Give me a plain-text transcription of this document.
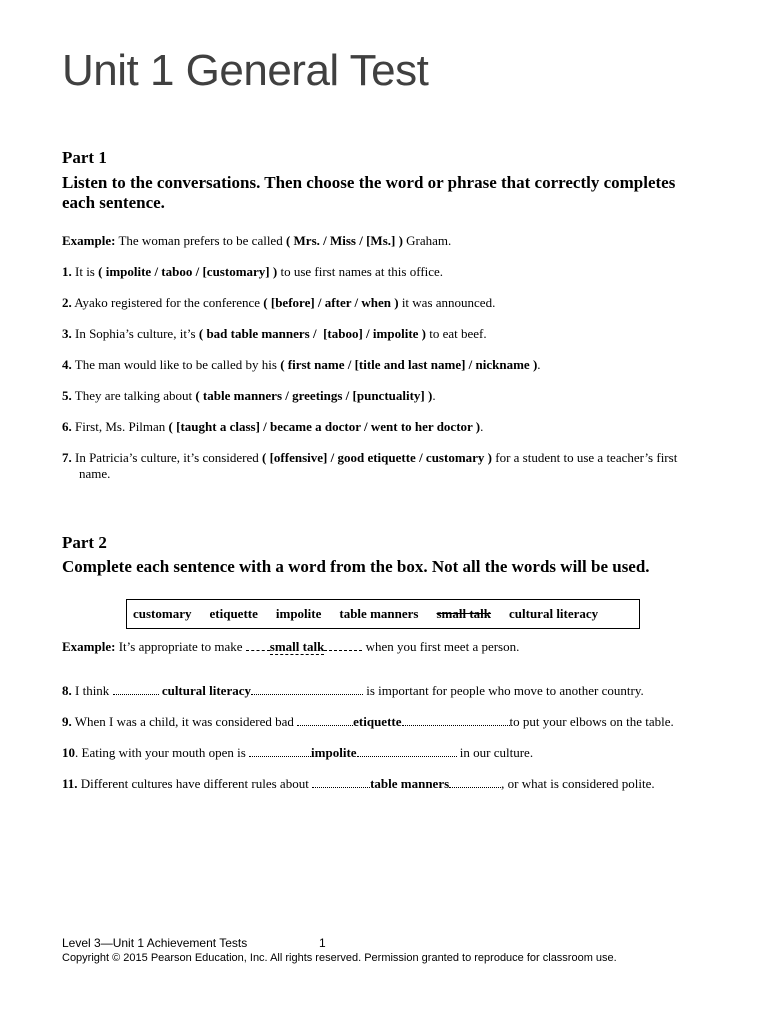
Unit 1 General Test
Part 1

Listen to the conversations. Then choose the word or phrase that correctly completes each sentence.

Example: The woman prefers to be called ( Mrs. / Miss / [Ms.] ) Graham.
1. It is ( impolite / taboo / [customary] ) to use first names at this office.
2. Ayako registered for the conference ( [before] / after / when ) it was announced.
3. In Sophia’s culture, it’s ( bad table manners /  [taboo] / impolite ) to eat beef.
4. The man would like to be called by his ( first name / [title and last name] / nickname ).
5. They are talking about ( table manners / greetings / [punctuality] ).
6. First, Ms. Pilman ( [taught a class] / became a doctor / went to her doctor ).
7. In Patricia’s culture, it’s considered ( [offensive] / good etiquette / customary ) for a student to use a teacher’s first
name.
Part 2

Complete each sentence with a word from the box. Not all the words will be used.

customary etiquette impolite table manners small talk cultural literacy
Example: It’s appropriate to make small talk	when you first meet a person.
8. I think	cultural literacy	is important for people who move to another country.
9. When I was a child, it was considered bad	etiquette	to put your elbows on the table.
10. Eating with your mouth open is	impolite	in our culture.
11. Different cultures have different rules about	table manners	, or what is considered polite.
Level 3—Unit 1 Achievement Tests	1
Copyright © 2015 Pearson Education, Inc. All rights reserved. Permission granted to reproduce for classroom use.
